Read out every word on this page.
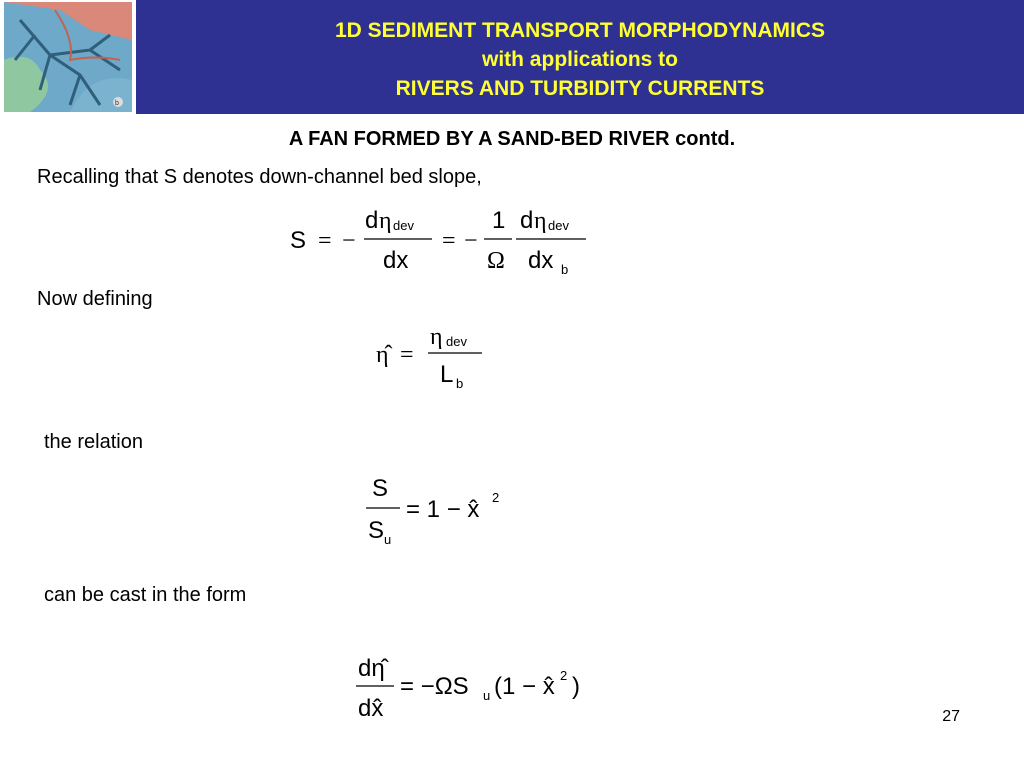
b
1D SEDIMENT TRANSPORT MORPHODYNAMICS
with applications to
RIVERS AND TURBIDITY CURRENTS
A FAN FORMED BY A SAND-BED RIVER contd.
Recalling that S denotes down-channel bed slope,
S = −
d η dev
dx
= −
1
Ω
d η dev
dx b
Now defining
η̂ =
η dev
L b
the relation
S
S u
= 1 − x̂ 2
can be cast in the form
dη̂
dx̂
= −ΩS u (1 − x̂ 2 )
27
